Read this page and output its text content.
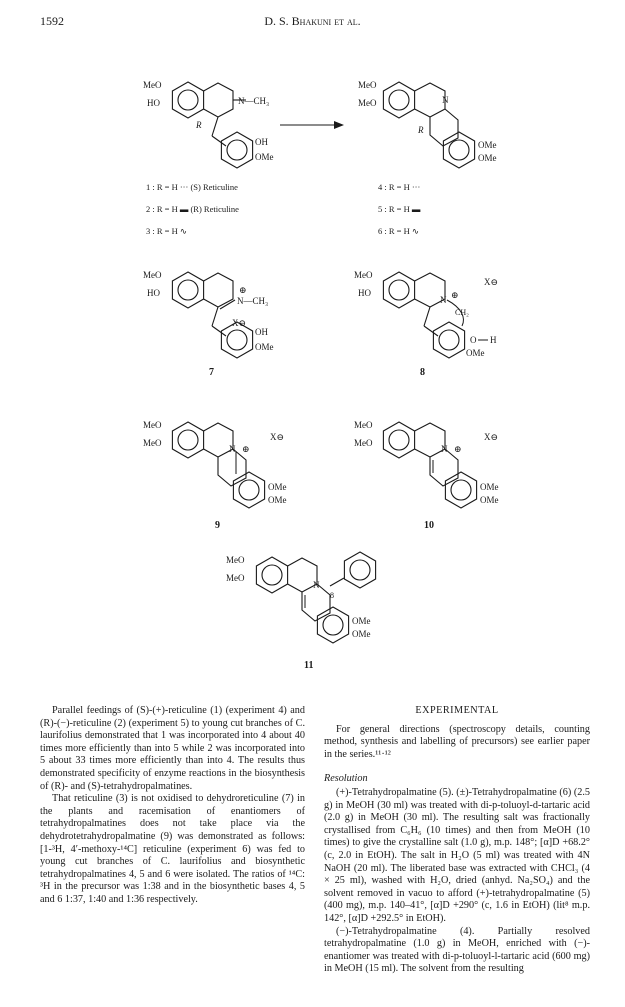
1592	D. S. Bhakuni et al.
MeO
HO	N—CH₃
R
OH
OMe
MeO
MeO	N
R
OMe
OMe
1 : R = H ··· (S) Reticuline
2 : R = H ▬ (R) Reticuline
3 : R = H ∿
4 : R = H ···
5 : R = H ▬
6 : R = H ∿
MeO
HO
N—CH₃
⊕
X⊖
OH
OMe
7
MeO
HO
N ⊕
CH₂
O H
OMe
X⊖
8
MeO
MeO
N ⊕
X⊖
OMe
OMe
9
MeO
MeO
N ⊕
X⊖
OMe
OMe
10
MeO
MeO
N
8
OMe
OMe
11

Parallel feedings of (S)-(+)-reticuline (1) (experiment 4) and (R)-(−)-reticuline (2) (experiment 5) to young cut branches of C. laurifolius demonstrated that 1 was incorporated into 4 about 40 times more efficiently than into 5 while 2 was incorporated into 5 about 33 times more efficiently than into 4. The results thus demonstrated specificity of enzyme reactions in the biosynthesis of (R)- and (S)-tetrahydropalmatines.

That reticuline (3) is not oxidised to dehydroreticuline (7) in the plants and racemisation of enantiomers of tetrahydropalmatines does not take place via the dehydrotetrahydropalmatine (9) was demonstrated as follows: [1-³H, 4′-methoxy-¹⁴C] reticuline (experiment 6) was fed to young cut branches of C. laurifolius and biosynthetic tetrahydropalmatines 4, 5 and 6 were isolated. The ratios of ¹⁴C: ³H in the precursor was 1:38 and in the biosynthetic bases 4, 5 and 6 1:37, 1:40 and 1:36 respectively.

EXPERIMENTAL

For general directions (spectroscopy details, counting method, synthesis and labelling of precursors) see earlier paper in the series.¹¹·¹²

Resolution

(+)-Tetrahydropalmatine (5). (±)-Tetrahydropalmatine (6) (2.5 g) in MeOH (30 ml) was treated with di-p-toluoyl-d-tartaric acid (2.0 g) in MeOH (30 ml). The resulting salt was fractionally crystallised from C₆H₆ (10 times) and then from MeOH (10 times) to give the crystalline salt (1.0 g), m.p. 148°; [α]D +68.2° (c, 2.0 in EtOH). The salt in H₂O (5 ml) was treated with 4N NaOH (20 ml). The liberated base was extracted with CHCl₃ (4 × 25 ml), washed with H₂O, dried (anhyd. Na₂SO₄) and the solvent removed in vacuo to afford (+)-tetrahydropalmatine (5) (400 mg), m.p. 140–41°, [α]D +290° (c, 1.6 in EtOH) (lit⁸ m.p. 142°, [α]D +292.5° in EtOH).

(−)-Tetrahydropalmatine (4). Partially resolved tetrahydropalmatine (1.0 g) in MeOH, enriched with (−)-enantiomer was treated with di-p-toluoyl-l-tartaric acid (600 mg) in MeOH (15 ml). The solvent from the resulting
